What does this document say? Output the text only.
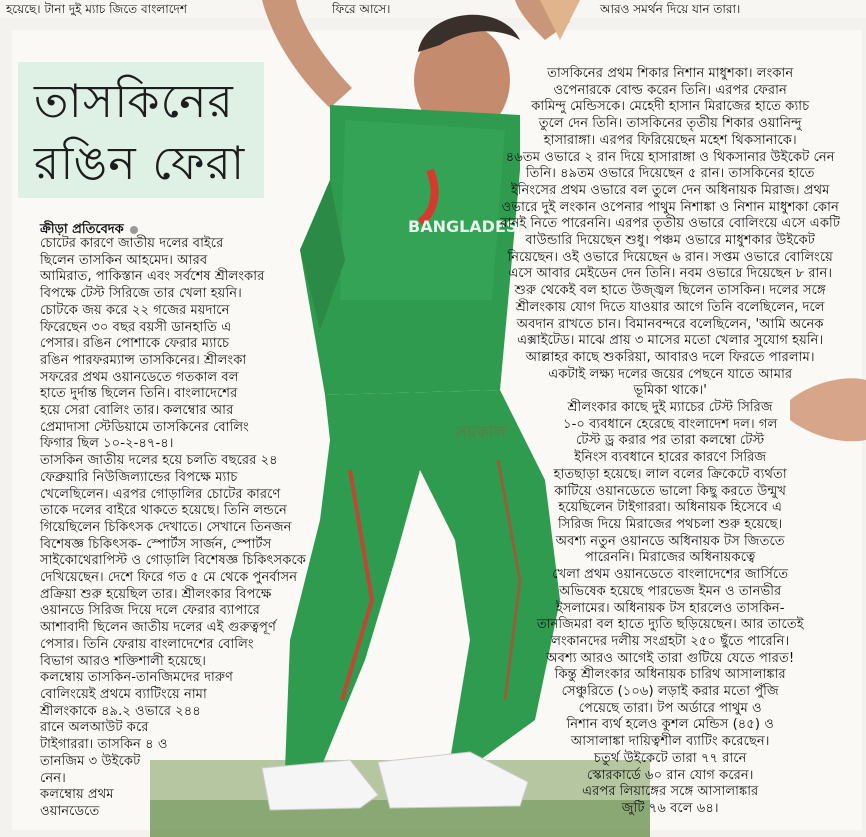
হয়েছে। টানা দুই ম্যাচ জিতে বাংলাদেশ	ফিরে আসে।	আরও সমর্থন দিয়ে যান তারা।
BANGLADESH
তাসকিনের
রঙিন ফেরা
ক্রীড়া প্রতিবেদক

চোটের কারণে জাতীয় দলের বাইরে

ছিলেন তাসকিন আহমেদ। আরব

আমিরাত, পাকিস্তান এবং সর্বশেষ শ্রীলংকার

বিপক্ষে টেস্ট সিরিজে তার খেলা হয়নি।

চোটকে জয় করে ২২ গজের ময়দানে

ফিরেছেন ৩০ বছর বয়সী ডানহাতি এ

পেসার। রঙিন পোশাকে ফেরার ম্যাচে

রঙিন পারফরম্যান্স তাসকিনের। শ্রীলংকা

সফরের প্রথম ওয়ানডেতে গতকাল বল

হাতে দুর্দান্ত ছিলেন তিনি। বাংলাদেশের

হয়ে সেরা বোলিং তার। কলম্বোর আর

প্রেমাদাসা স্টেডিয়ামে তাসকিনের বোলিং

ফিগার ছিল ১০-২-৪৭-৪।

তাসকিন জাতীয় দলের হয়ে চলতি বছরের ২৪

ফেব্রুয়ারি নিউজিল্যান্ডের বিপক্ষে ম্যাচ

খেলেছিলেন। এরপর গোড়ালির চোটের কারণে

তাকে দলের বাইরে থাকতে হয়েছে। তিনি লন্ডনে

গিয়েছিলেন চিকিৎসক দেখাতে। সেখানে তিনজন

বিশেষজ্ঞ চিকিৎসক- স্পোর্টস সার্জন, স্পোর্টস

সাইকোথেরাপিস্ট ও গোড়ালি বিশেষজ্ঞ চিকিৎসককে

দেখিয়েছেন। দেশে ফিরে গত ৫ মে থেকে পুনর্বাসন

প্রক্রিয়া শুরু হয়েছিল তার। শ্রীলংকার বিপক্ষে

ওয়ানডে সিরিজ দিয়ে দলে ফেরার ব্যাপারে

আশাবাদী ছিলেন জাতীয় দলের এই গুরুত্বপূর্ণ

পেসার। তিনি ফেরায় বাংলাদেশের বোলিং

বিভাগ আরও শক্তিশালী হয়েছে।

কলম্বোয় তাসকিন-তানজিমদের দারুণ

বোলিংয়েই প্রথমে ব্যাটিংয়ে নামা

শ্রীলংকাকে ৪৯.২ ওভারে ২৪৪

রানে অলআউট করে

টাইগাররা। তাসকিন ৪ ও

তানজিম ৩ উইকেট

নেন।

কলম্বোয় প্রথম

ওয়ানডেতে

তাসকিনের প্রথম শিকার নিশান মাধুশকা। লংকান

ওপেনারকে বোল্ড করেন তিনি। এরপর ফেরান

কামিন্দু মেন্ডিসকে। মেহেদী হাসান মিরাজের হাতে ক্যাচ

তুলে দেন তিনি। তাসকিনের তৃতীয় শিকার ওয়ানিন্দু

হাসারাঙ্গা। এরপর ফিরিয়েছেন মহেশ থিকসানাকে।

৪৬তম ওভারে ২ রান দিয়ে হাসারাঙ্গা ও থিকসানার উইকেট নেন

তিনি। ৪৯তম ওভারে দিয়েছেন ৫ রান। তাসকিনের হাতে

ইনিংসের প্রথম ওভারে বল তুলে দেন অধিনায়ক মিরাজ। প্রথম

ওভারে দুই লংকান ওপেনার পাথুম নিশাঙ্কা ও নিশান মাধুশকা কোন

রানই নিতে পারেননি। এরপর তৃতীয় ওভারে বোলিংয়ে এসে একটি

বাউন্ডারি দিয়েছেন শুধু। পঞ্চম ওভারে মাধুশকার উইকেট

নিয়েছেন। ওই ওভারে দিয়েছেন ৬ রান। সপ্তম ওভারে বোলিংয়ে

এসে আবার মেইডেন দেন তিনি। নবম ওভারে দিয়েছেন ৮ রান।

শুরু থেকেই বল হাতে উজ্জ্বল ছিলেন তাসকিন। দলের সঙ্গে

শ্রীলংকায় যোগ দিতে যাওয়ার আগে তিনি বলেছিলেন, দলে

অবদান রাখতে চান। বিমানবন্দরে বলেছিলেন, 'আমি অনেক

এক্সাইটেড। মাঝে প্রায় ৩ মাসের মতো খেলার সুযোগ হয়নি।

আল্লাহর কাছে শুকরিয়া, আবারও দলে ফিরতে পারলাম।

একটাই লক্ষ্য দলের জয়ের পেছনে যাতে আমার

ভূমিকা থাকে।'

শ্রীলংকার কাছে দুই ম্যাচের টেস্ট সিরিজ

১-০ ব্যবধানে হেরেছে বাংলাদেশ দল। গল

টেস্ট ড্র করার পর তারা কলম্বো টেস্ট

ইনিংস ব্যবধানে হারের কারণে সিরিজ

হাতছাড়া হয়েছে। লাল বলের ক্রিকেটে ব্যর্থতা

কাটিয়ে ওয়ানডেতে ভালো কিছু করতে উন্মুখ

হয়েছিলেন টাইগাররা। অধিনায়ক হিসেবে এ

সিরিজ দিয়ে মিরাজের পথচলা শুরু হয়েছে।

অবশ্য নতুন ওয়ানডে অধিনায়ক টস জিততে

পারেননি। মিরাজের অধিনায়কত্বে

খেলা প্রথম ওয়ানডেতে বাংলাদেশের জার্সিতে

অভিষেক হয়েছে পারভেজ ইমন ও তানভীর

ইসলামের। অধিনায়ক টস হারলেও তাসকিন-

তানজিমরা বল হাতে দ্যুতি ছড়িয়েছেন। আর তাতেই

লংকানদের দলীয় সংগ্রহটা ২৫০ ছুঁতে পারেনি।

অবশ্য আরও আগেই তারা গুটিয়ে যেতে পারত!

কিন্তু শ্রীলংকার অধিনায়ক চারিথ আসালাঙ্কার

সেঞ্চুরিতে (১০৬) লড়াই করার মতো পুঁজি

পেয়েছে তারা। টপ অর্ডারে পাথুম ও

নিশান ব্যর্থ হলেও কুশল মেন্ডিস (৪৫) ও

আসালাঙ্কা দায়িত্বশীল ব্যাটিং করেছেন।

চতুর্থ উইকেটে তারা ৭৭ রানে

স্কোরকার্ডে ৬০ রান যোগ করেন।

এরপর লিয়াঙ্গের সঙ্গে আসালাঙ্কার

জুটি ৭৬ বলে ৬৪।

সমকাল
